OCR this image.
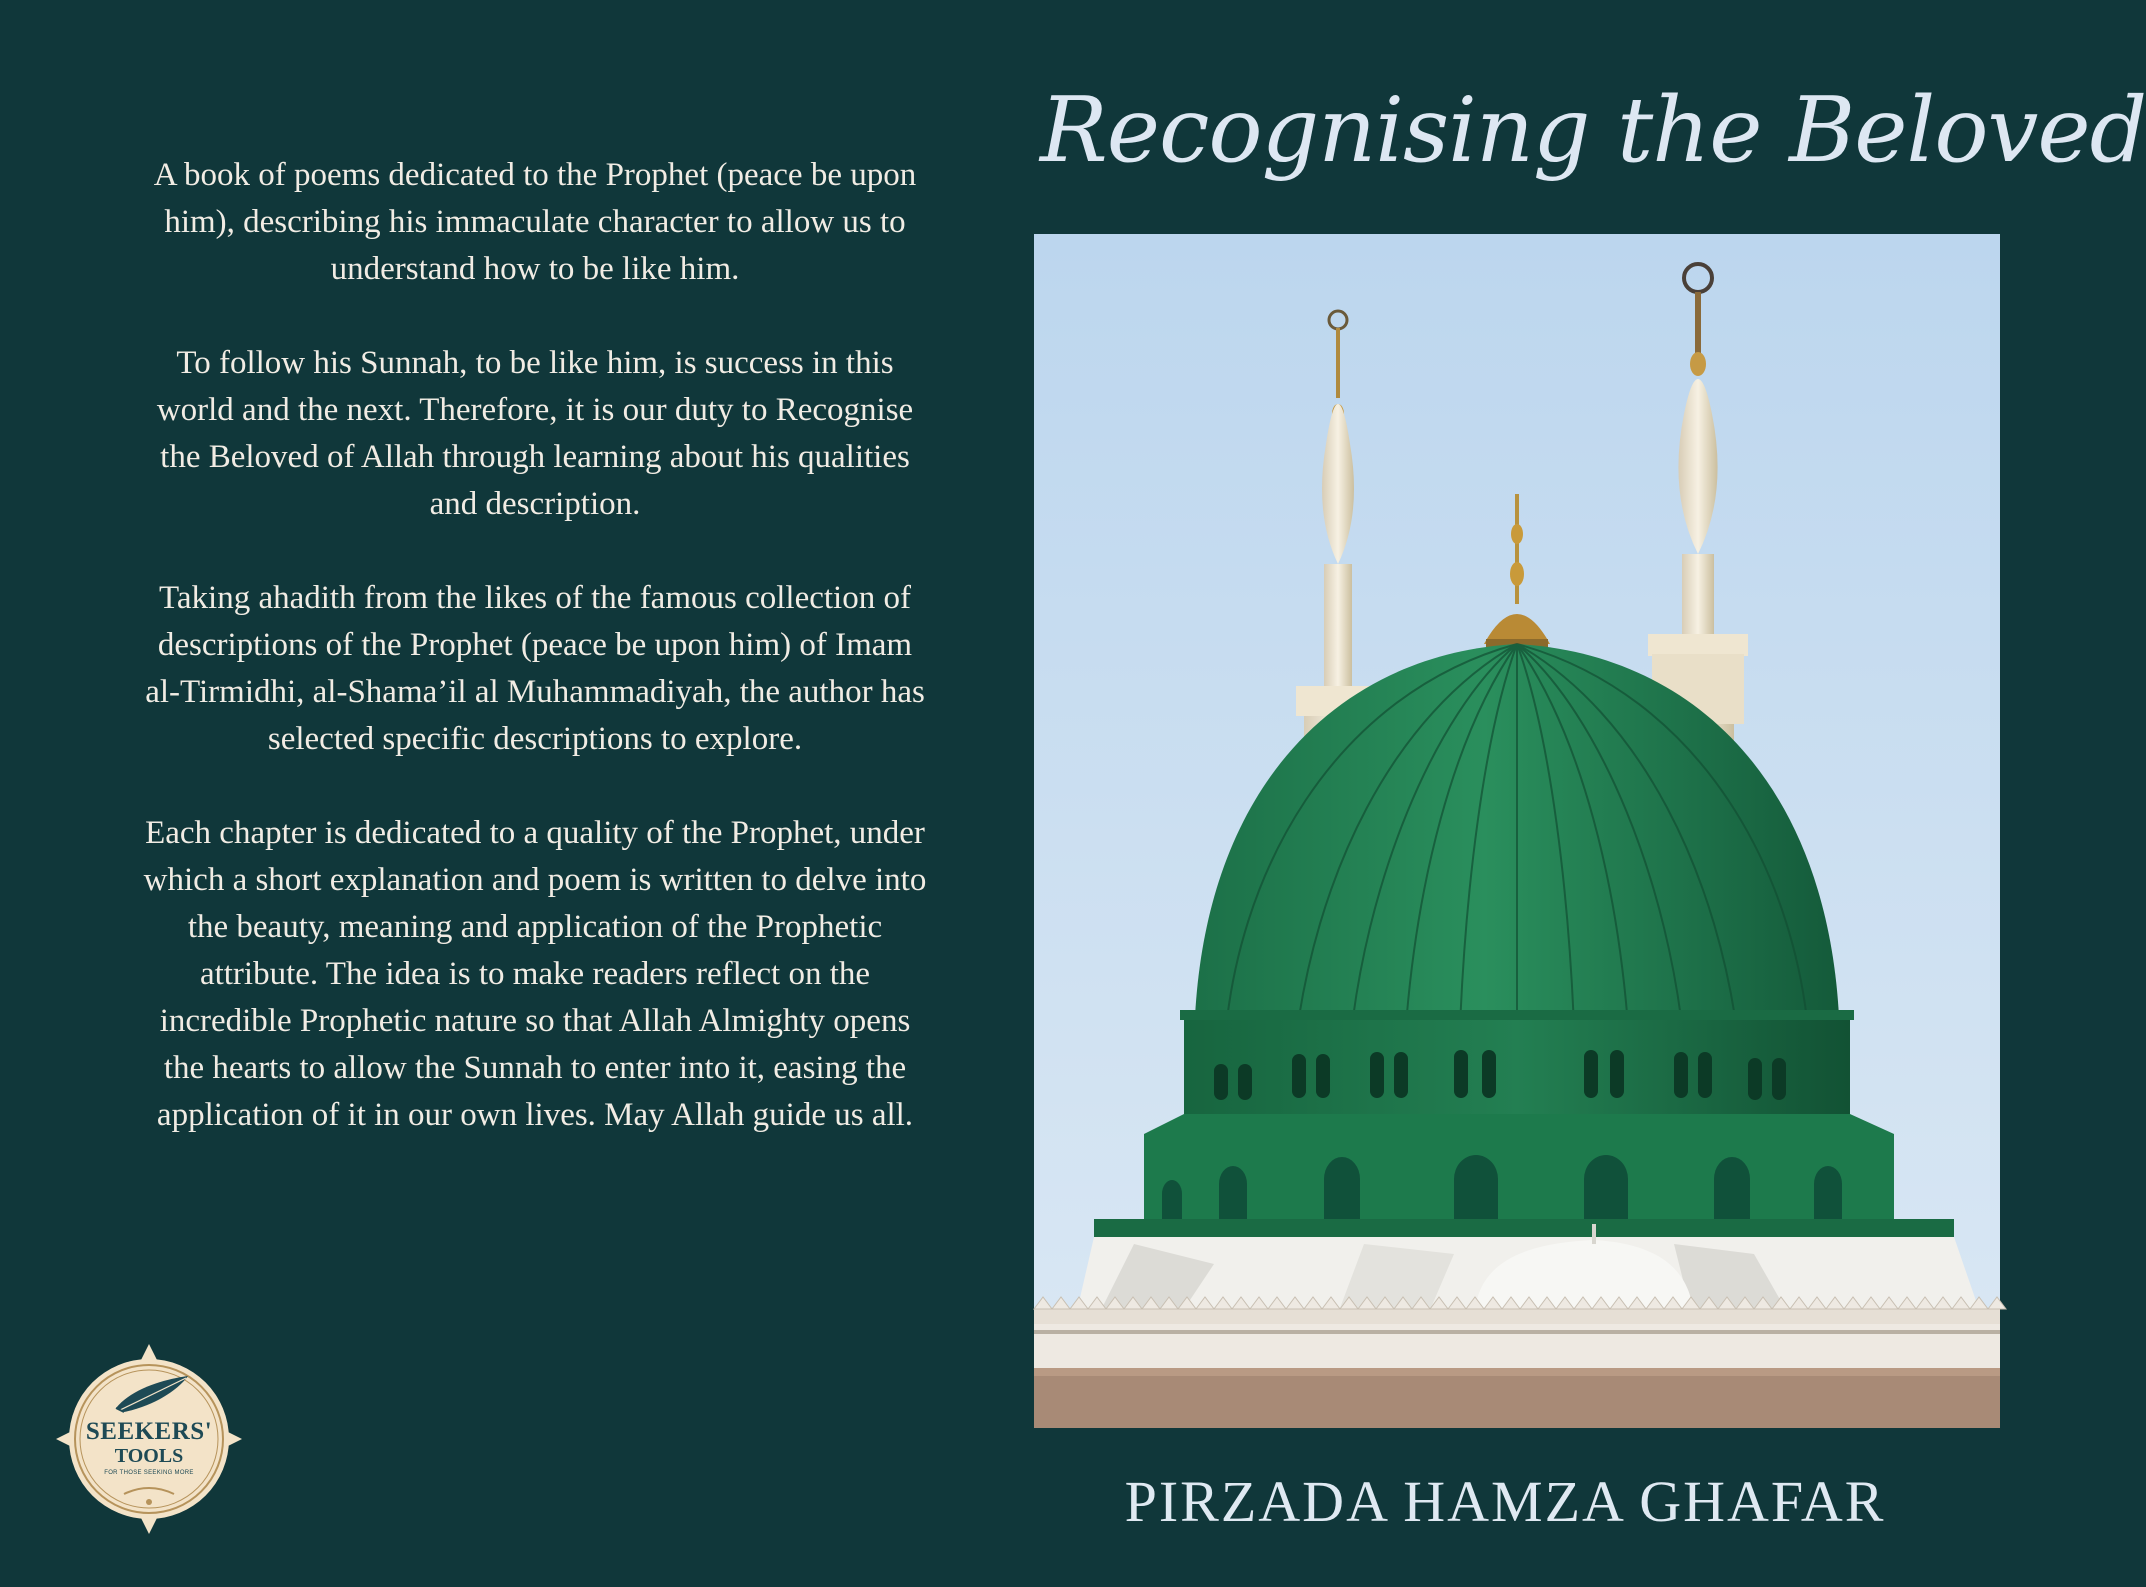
A book of poems dedicated to the Prophet (peace be upon him), describing his immaculate character to allow us to understand how to be like him.

To follow his Sunnah, to be like him, is success in this world and the next. Therefore, it is our duty to Recognise the Beloved of Allah through learning about his qualities and description.

Taking ahadith from the likes of the famous collection of descriptions of the Prophet (peace be upon him) of Imam al-Tirmidhi, al-Shama’il al Muhammadiyah, the author has selected specific descriptions to explore.

Each chapter is dedicated to a quality of the Prophet, under which a short explanation and poem is written to delve into the beauty, meaning and application of the Prophetic attribute. The idea is to make readers reflect on the incredible Prophetic nature so that Allah Almighty opens the hearts to allow the Sunnah to enter into it, easing the application of it in our own lives. May Allah guide us all.

SEEKERS'
TOOLS
FOR THOSE SEEKING MORE
Recognising the Beloved
PIRZADA HAMZA GHAFAR
